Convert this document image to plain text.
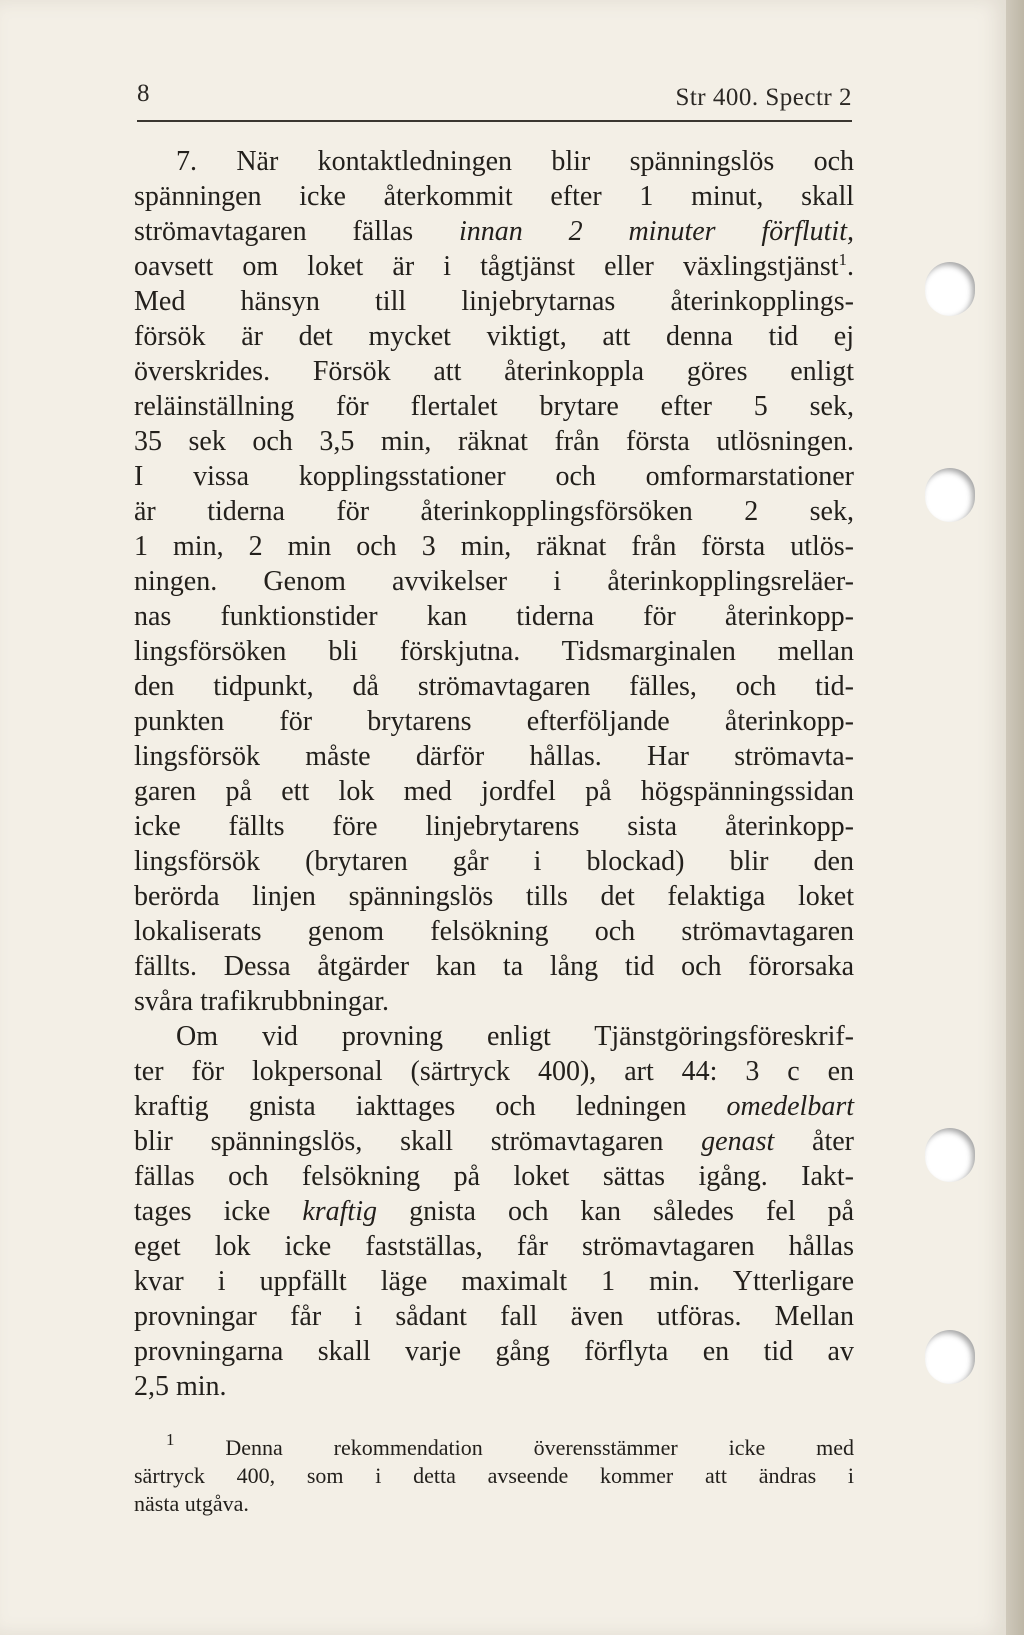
8	Str 400. Spectr 2
7. När kontaktledningen blir spänningslös och
spänningen icke återkommit efter 1 minut, skall
strömavtagaren fällas innan 2 minuter förflutit,
oavsett om loket är i tågtjänst eller växlingstjänst$^1$.
Med hänsyn till linjebrytarnas återinkopplings-
försök är det mycket viktigt, att denna tid ej
överskrides. Försök att återinkoppla göres enligt
reläinställning för flertalet brytare efter 5 sek,
35 sek och 3,5 min, räknat från första utlösningen.
I vissa kopplingsstationer och omformarstationer
är tiderna för återinkopplingsförsöken 2 sek,
1 min, 2 min och 3 min, räknat från första utlös-
ningen. Genom avvikelser i återinkopplingsreläer-
nas funktionstider kan tiderna för återinkopp-
lingsförsöken bli förskjutna. Tidsmarginalen mellan
den tidpunkt, då strömavtagaren fälles, och tid-
punkten för brytarens efterföljande återinkopp-
lingsförsök måste därför hållas. Har strömavta-
garen på ett lok med jordfel på högspänningssidan
icke fällts före linjebrytarens sista återinkopp-
lingsförsök (brytaren går i blockad) blir den
berörda linjen spänningslös tills det felaktiga loket
lokaliserats genom felsökning och strömavtagaren
fällts. Dessa åtgärder kan ta lång tid och förorsaka
svåra trafikrubbningar.
Om vid provning enligt Tjänstgöringsföreskrif-
ter för lokpersonal (särtryck 400), art 44: 3 c en
kraftig gnista iakttages och ledningen omedelbart
blir spänningslös, skall strömavtagaren genast åter
fällas och felsökning på loket sättas igång. Iakt-
tages icke kraftig gnista och kan således fel på
eget lok icke fastställas, får strömavtagaren hållas
kvar i uppfällt läge maximalt 1 min. Ytterligare
provningar får i sådant fall även utföras. Mellan
provningarna skall varje gång förflyta en tid av
2,5 min.
$^1$ Denna rekommendation överensstämmer icke med
särtryck 400, som i detta avseende kommer att ändras i
nästa utgåva.
